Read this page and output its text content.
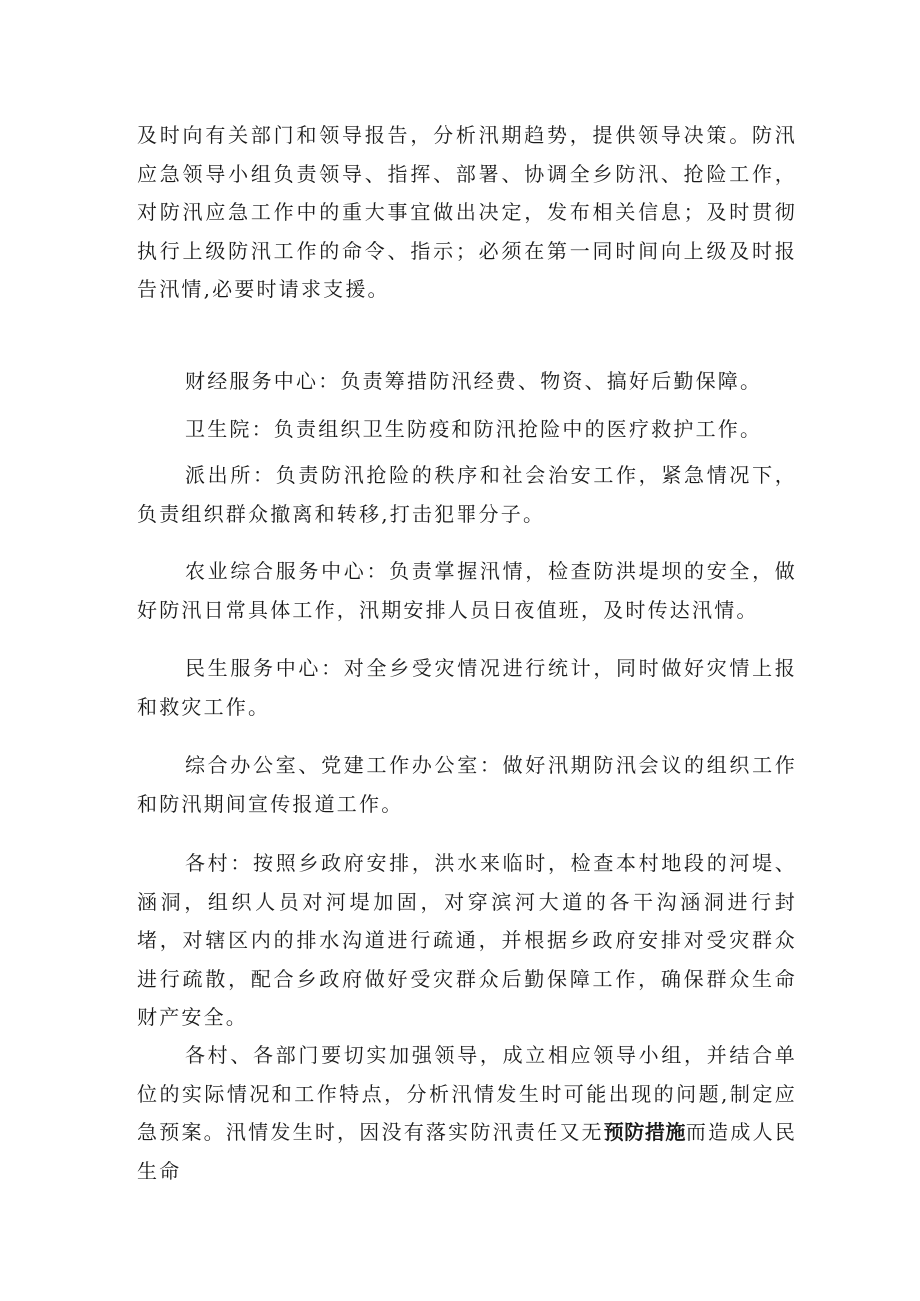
及时向有关部门和领导报告，分析汛期趋势，提供领导决策。防汛应急领导小组负责领导、指挥、部署、协调全乡防汛、抢险工作，对防汛应急工作中的重大事宜做出决定，发布相关信息；及时贯彻执行上级防汛工作的命令、指示；必须在第一同时间向上级及时报告汛情,必要时请求支援。

财经服务中心：负责筹措防汛经费、物资、搞好后勤保障。

卫生院：负责组织卫生防疫和防汛抢险中的医疗救护工作。

派出所：负责防汛抢险的秩序和社会治安工作，紧急情况下，负责组织群众撤离和转移,打击犯罪分子。

农业综合服务中心：负责掌握汛情，检查防洪堤坝的安全，做好防汛日常具体工作，汛期安排人员日夜值班，及时传达汛情。

民生服务中心：对全乡受灾情况进行统计，同时做好灾情上报和救灾工作。

综合办公室、党建工作办公室：做好汛期防汛会议的组织工作和防汛期间宣传报道工作。

各村：按照乡政府安排，洪水来临时，检查本村地段的河堤、涵洞，组织人员对河堤加固，对穿滨河大道的各干沟涵洞进行封堵，对辖区内的排水沟道进行疏通，并根据乡政府安排对受灾群众进行疏散，配合乡政府做好受灾群众后勤保障工作，确保群众生命财产安全。

各村、各部门要切实加强领导，成立相应领导小组，并结合单位的实际情况和工作特点，分析汛情发生时可能出现的问题,制定应急预案。汛情发生时，因没有落实防汛责任又无预防措施而造成人民生命
